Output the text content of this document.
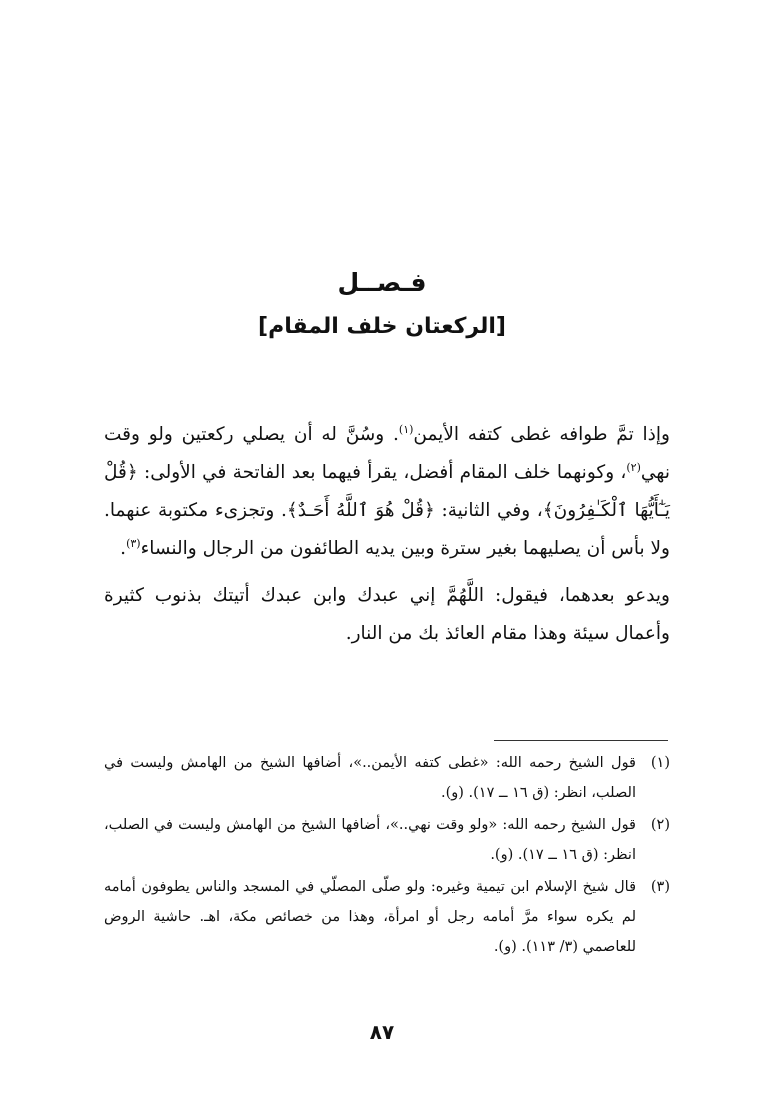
فـصــل
[الركعتان خلف المقام]

وإذا تمَّ طوافه غطى كتفه الأيمن$^{(١)}$. وسُنَّ له أن يصلي ركعتين ولو وقت نهي$^{(٢)}$، وكونهما خلف المقام أفضل، يقرأ فيهما بعد الفاتحة في الأولى: ﴿قُلْ يَـٰٓأَيُّهَا ٱلْكَـٰفِرُونَ﴾، وفي الثانية: ﴿قُلْ هُوَ ٱللَّهُ أَحَـدٌ﴾. وتجزىء مكتوبة عنهما. ولا بأس أن يصليهما بغير سترة وبين يديه الطائفون من الرجال والنساء$^{(٣)}$.

ويدعو بعدهما، فيقول: اللَّهُمَّ إني عبدك وابن عبدك أتيتك بذنوب كثيرة وأعمال سيئة وهذا مقام العائذ بك من النار.

(١)
قول الشيخ رحمه الله: «غطى كتفه الأيمن..»، أضافها الشيخ من الهامش وليست في الصلب، انظر: (ق ١٦ ــ ١٧). (و).
(٢)
قول الشيخ رحمه الله: «ولو وقت نهي..»، أضافها الشيخ من الهامش وليست في الصلب، انظر: (ق ١٦ ــ ١٧). (و).
(٣)
قال شيخ الإسلام ابن تيمية وغيره: ولو صلّى المصلّي في المسجد والناس يطوفون أمامه لم يكره سواء مرَّ أمامه رجل أو امرأة، وهذا من خصائص مكة، اهـ. حاشية الروض للعاصمي (٣/ ١١٣). (و).
٨٧
